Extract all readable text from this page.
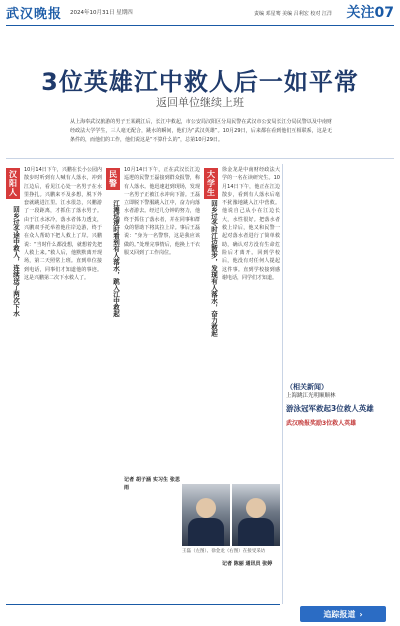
武汉晚报 2024年10月31日 星期四	责编 邓星骞 美编 吕利宏 校对 江洋 关注07
3位英雄江中救人后一如平常
返回单位继续上班
从上海奉武汉旅游的男子王某跳江后，长江中救起，市公安局汉阳区分局民警在武汉市公安局长江分局民警以及中南财经政法大学学生，三人毫无配合，跳水的瞬间，他们为“武汉英雄”。10月29日，后来都在看到他们互相联系，这是无条件的，而他们的工作，他们说这是“不算什么的”，总第10月29日。
汉阳人
回乡过冬途中救人，连续送了两次下水
10月14日下午，兴鹏在长小公园内散步时听到有人喊有人落水，冲到江边后，看见江心处一名男子在水里挣扎。兴鹏来不及多想，脱下外套就跳进江里。江水很急，兴鹏游了一段距离，才抓住了落水男子。由于江水冰冷，落水者体力透支，兴鹏双手托举着他往岸边游，终于在众人帮助下把人救上了岸。兴鹏说：“当时什么都没想，就想着先把人救上来。”救人后，他默默离开现场，第二天照常上班。直到单位接到电话，同事们才知道他的事迹。这是兴鹏第二次下水救人了。
民警
江滩巡逻时看到有人落水，跳入江中救起
10月14日下午，正在武汉长江边巡逻的民警王磊接到群众报警，称有人落水。他迅速赶到现场，发现一名男子正被江水冲向下游。王磊立即脱下警服跳入江中，奋力向落水者游去。经过几分钟的努力，他终于抓住了落水者，并在同事和群众的帮助下将其拉上岸。事后王磊说：“身为一名警察，这是我应该做的。”处理完事情后，他换上干衣服又回到了工作岗位。
记者 胡子涵 实习生 张思雨
大学生
回乡过冬时江边散步，发现有人落水，奋力救起
徐金龙是中南财经政法大学的一名在读研究生。10月14日下午，他正在江边散步，看到有人落水后毫不犹豫地跳入江中营救。他说自己从小在江边长大，水性很好。把落水者救上岸后，他又和民警一起对落水者进行了简单救助，确认对方没有生命危险后才离开。回到学校后，他没有对任何人提起这件事。直到学校接到感谢电话，同学们才知道。
王磊（左图）、徐金龙（右图）在接受采访
记者 陈丽 通讯员 张婷
（相关新闻）
上海跳江光明顺顺林
游泳冠军救起3位救人英雄
武汉晚报奖励3位救人英雄
追踪报道 ›
